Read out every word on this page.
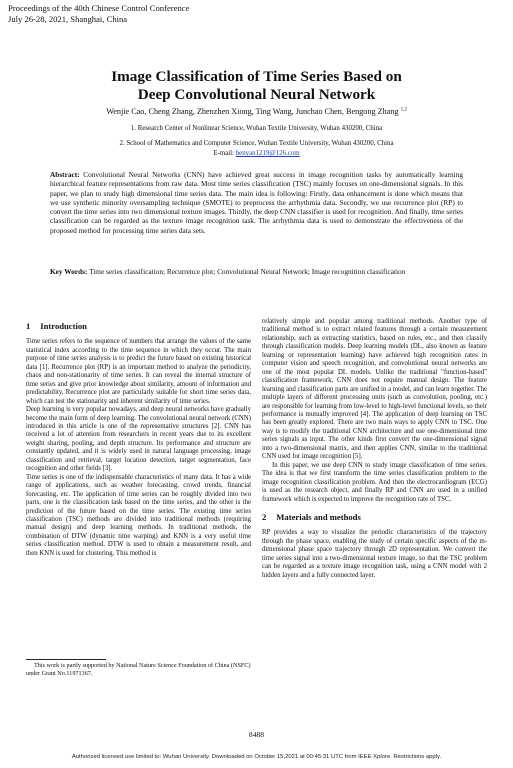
Proceedings of the 40th Chinese Control Conference
July 26-28, 2021, Shanghai, China
Image Classification of Time Series Based on
Deep Convolutional Neural Network
Wenjie Cao, Cheng Zhang, Zhenzhen Xiong, Ting Wang, Junchao Chen, Bengong Zhang $^{1,2}$
1. Research Center of Nonlinear Science, Wuhan Textile University, Wuhan 430200, China
2. School of Mathematics and Computer Science, Wuhan Textile University, Wuhan 430200, China
E-mail: benyan1219@126.com
Abstract: Convolutional Neural Networks (CNN) have achieved great success in image recognition tasks by automatically learning hierarchical feature representations from raw data. Most time series classification (TSC) mainly focuses on one-dimensional signals. In this paper, we plan to study high dimensional time series data. The main idea is following: Firstly, data enhancement is done which means that we use synthetic minority oversampling technique (SMOTE) to preprocess the arrhythmia data. Secondly, we use recurrence plot (RP) to convert the time series into two dimensional texture images. Thirdly, the deep CNN classifier is used for recognition. And finally, time series classification can be regarded as the texture image recognition task. The arrhythmia data is used to demonstrate the effectiveness of the proposed method for processing time series data sets.
Key Words: Time series classification; Recurrence plot; Convolutional Neural Network; Image recognition classification
1 Introduction

Time series refers to the sequence of numbers that arrange the values of the same statistical index according to the time sequence in which they occur. The main purpose of time series analysis is to predict the future based on existing historical data [1]. Recurrence plot (RP) is an important method to analyze the periodicity, chaos and non-stationarity of time series. It can reveal the internal structure of time series and give prior knowledge about similarity, amount of information and predictability. Recurrence plot are particularly suitable for short time series data, which can test the stationarity and inherent similarity of time series.

Deep learning is very popular nowadays, and deep neural networks have gradually become the main form of deep learning. The convolutional neural network (CNN) introduced in this article is one of the representative structures [2]. CNN has received a lot of attention from researchers in recent years due to its excellent weight sharing, pooling, and depth structure. Its performance and structure are constantly updated, and it is widely used in natural language processing, image classification and retrieval, target location detection, target segmentation, face recognition and other fields [3].

Time series is one of the indispensable characteristics of many data. It has a wide range of applications, such as weather forecasting, crowd trends, financial forecasting, etc. The application of time series can be roughly divided into two parts, one is the classification task based on the time series, and the other is the prediction of the future based on the time series. The existing time series classification (TSC) methods are divided into traditional methods (requiring manual design) and deep learning methods. In traditional methods, the combination of DTW (dynamic time warping) and KNN is a very useful time series classification method. DTW is used to obtain a measurement result, and then KNN is used for clustering. This method is

relatively simple and popular among traditional methods. Another type of traditional method is to extract related features through a certain measurement relationship, such as extracting statistics, based on rules, etc., and then classify through classification models. Deep learning models (DL, also known as feature learning or representation learning) have achieved high recognition rates in computer vision and speech recognition, and convolutional neural networks are one of the most popular DL models. Unlike the traditional "function-based" classification framework, CNN does not require manual design. The feature learning and classification parts are unified in a model, and can learn together. The multiple layers of different processing units (such as convolution, pooling, etc.) are responsible for learning from low-level to high-level functional levels, so their performance is mutually improved [4]. The application of deep learning on TSC has been greatly explored. There are two main ways to apply CNN to TSC. One way is to modify the traditional CNN architecture and use one-dimensional time series signals as input. The other kinds first convert the one-dimensional signal into a two-dimensional matrix, and then applies CNN, similar to the traditional CNN used for image recognition [5].

In this paper, we use deep CNN to study image classification of time series. The idea is that we first transform the time series classification problem to the image recognition classification problem. And then the electrocardiogram (ECG) is used as the research object, and finally RP and CNN are used in a unified framework which is expected to improve the recognition rate of TSC.

2 Materials and methods

RP provides a way to visualize the periodic characteristics of the trajectory through the phase space, enabling the study of certain specific aspects of the m-dimensional phase space trajectory through 2D representation. We convert the time series signal into a two-dimensional texture image, so that the TSC problem can be regarded as a texture image recognition task, using a CNN model with 2 hidden layers and a fully connected layer.

This work is partly supported by National Nature Science Foundation of China (NSFC) under Grant No.11971367.
8488
Authorized licensed use limited to: Wuhan University. Downloaded on October 15,2021 at 00:45:31 UTC from IEEE Xplore. Restrictions apply.
